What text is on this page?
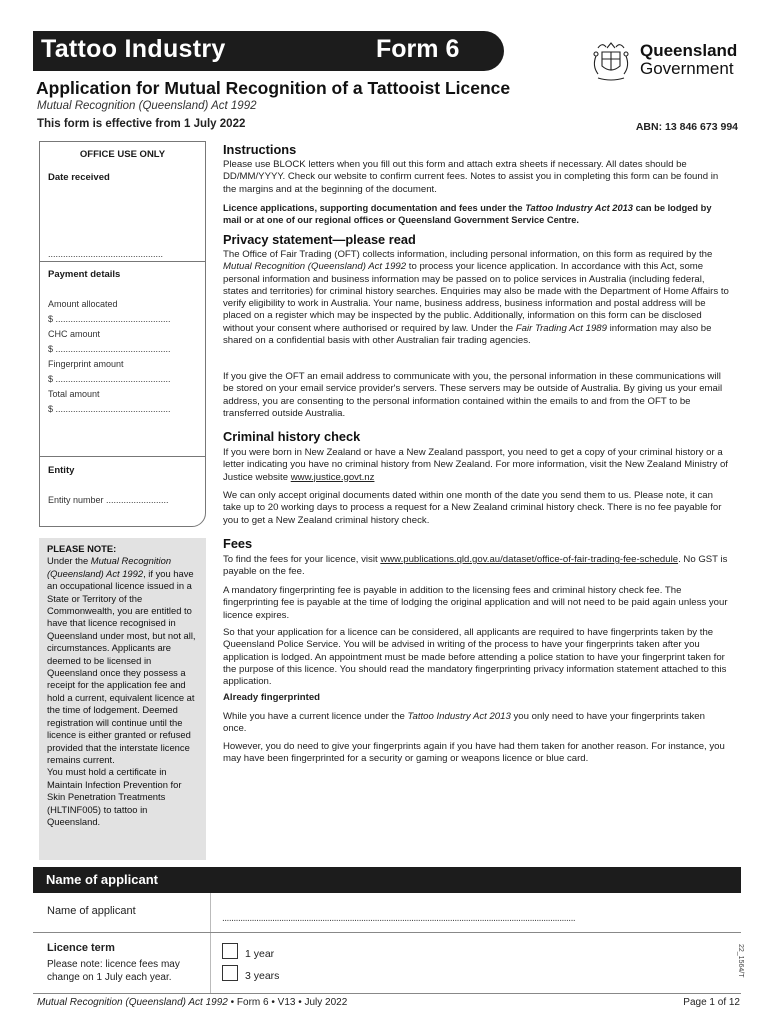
Tattoo Industry	Form 6	Queensland
Government
Application for Mutual Recognition of a Tattooist Licence
Mutual Recognition (Queensland) Act 1992
This form is effective from 1 July 2022	ABN: 13 846 673 994
OFFICE USE ONLY
Date received
..............................................
Payment details
Amount allocated
$ ..............................................
CHC amount
$ ..............................................
Fingerprint amount
$ ..............................................
Total amount
$ ..............................................
Entity
Entity number .........................
PLEASE NOTE:
Under the Mutual Recognition (Queensland) Act 1992, if you have an occupational licence issued in a State or Territory of the Commonwealth, you are entitled to have that licence recognised in Queensland under most, but not all, circumstances. Applicants are deemed to be licensed in Queensland once they possess a receipt for the application fee and hold a current, equivalent licence at the time of lodgement. Deemed registration will continue until the licence is either granted or refused provided that the interstate licence remains current.
You must hold a certificate in Maintain Infection Prevention for Skin Penetration Treatments (HLTINF005) to tattoo in Queensland.
Instructions
Please use BLOCK letters when you fill out this form and attach extra sheets if necessary. All dates should be DD/MM/YYYY. Check our website to confirm current fees. Notes to assist you in completing this form can be found in the margins and at the beginning of the document.
Licence applications, supporting documentation and fees under the Tattoo Industry Act 2013 can be lodged by mail or at one of our regional offices or Queensland Government Service Centre.
Privacy statement—please read
The Office of Fair Trading (OFT) collects information, including personal information, on this form as required by the Mutual Recognition (Queensland) Act 1992 to process your licence application. In accordance with this Act, some personal information and business information may be passed on to police services in Australia (including federal, states and territories) for criminal history searches. Enquiries may also be made with the Department of Home Affairs to verify eligibility to work in Australia. Your name, business address, business information and postal address will be placed on a register which may be inspected by the public. Additionally, information on this form can be disclosed without your consent where authorised or required by law. Under the Fair Trading Act 1989 information may also be shared on a confidential basis with other Australian fair trading agencies.
If you give the OFT an email address to communicate with you, the personal information in these communications will be stored on your email service provider's servers. These servers may be outside of Australia. By giving us your email address, you are consenting to the personal information contained within the emails to and from the OFT to be transferred outside Australia.
Criminal history check
If you were born in New Zealand or have a New Zealand passport, you need to get a copy of your criminal history or a letter indicating you have no criminal history from New Zealand. For more information, visit the New Zealand Ministry of Justice website www.justice.govt.nz
We can only accept original documents dated within one month of the date you send them to us. Please note, it can take up to 20 working days to process a request for a New Zealand criminal history check. There is no fee payable for you to get a New Zealand criminal history check.
Fees
To find the fees for your licence, visit www.publications.qld.gov.au/dataset/office-of-fair-trading-fee-schedule. No GST is payable on the fee.
A mandatory fingerprinting fee is payable in addition to the licensing fees and criminal history check fee. The fingerprinting fee is payable at the time of lodging the original application and will not need to be paid again unless your licence expires.
So that your application for a licence can be considered, all applicants are required to have fingerprints taken by the Queensland Police Service. You will be advised in writing of the process to have your fingerprints taken after you application is lodged. An appointment must be made before attending a police station to have your fingerprint taken for the purpose of this licence. You should read the mandatory fingerprinting privacy information statement attached to this application.
Already fingerprinted
While you have a current licence under the Tattoo Industry Act 2013 you only need to have your fingerprints taken once.
However, you do need to give your fingerprints again if you have had them taken for another reason. For instance, you may have been fingerprinted for a security or gaming or weapons licence or blue card.
Name of applicant
Name of applicant
...........................................................................................................................................................
Licence term
Please note: licence fees may change on 1 July each year.
1 year
3 years	22_1564/T
Mutual Recognition (Queensland) Act 1992 • Form 6 • V13 • July 2022	Page 1 of 12
